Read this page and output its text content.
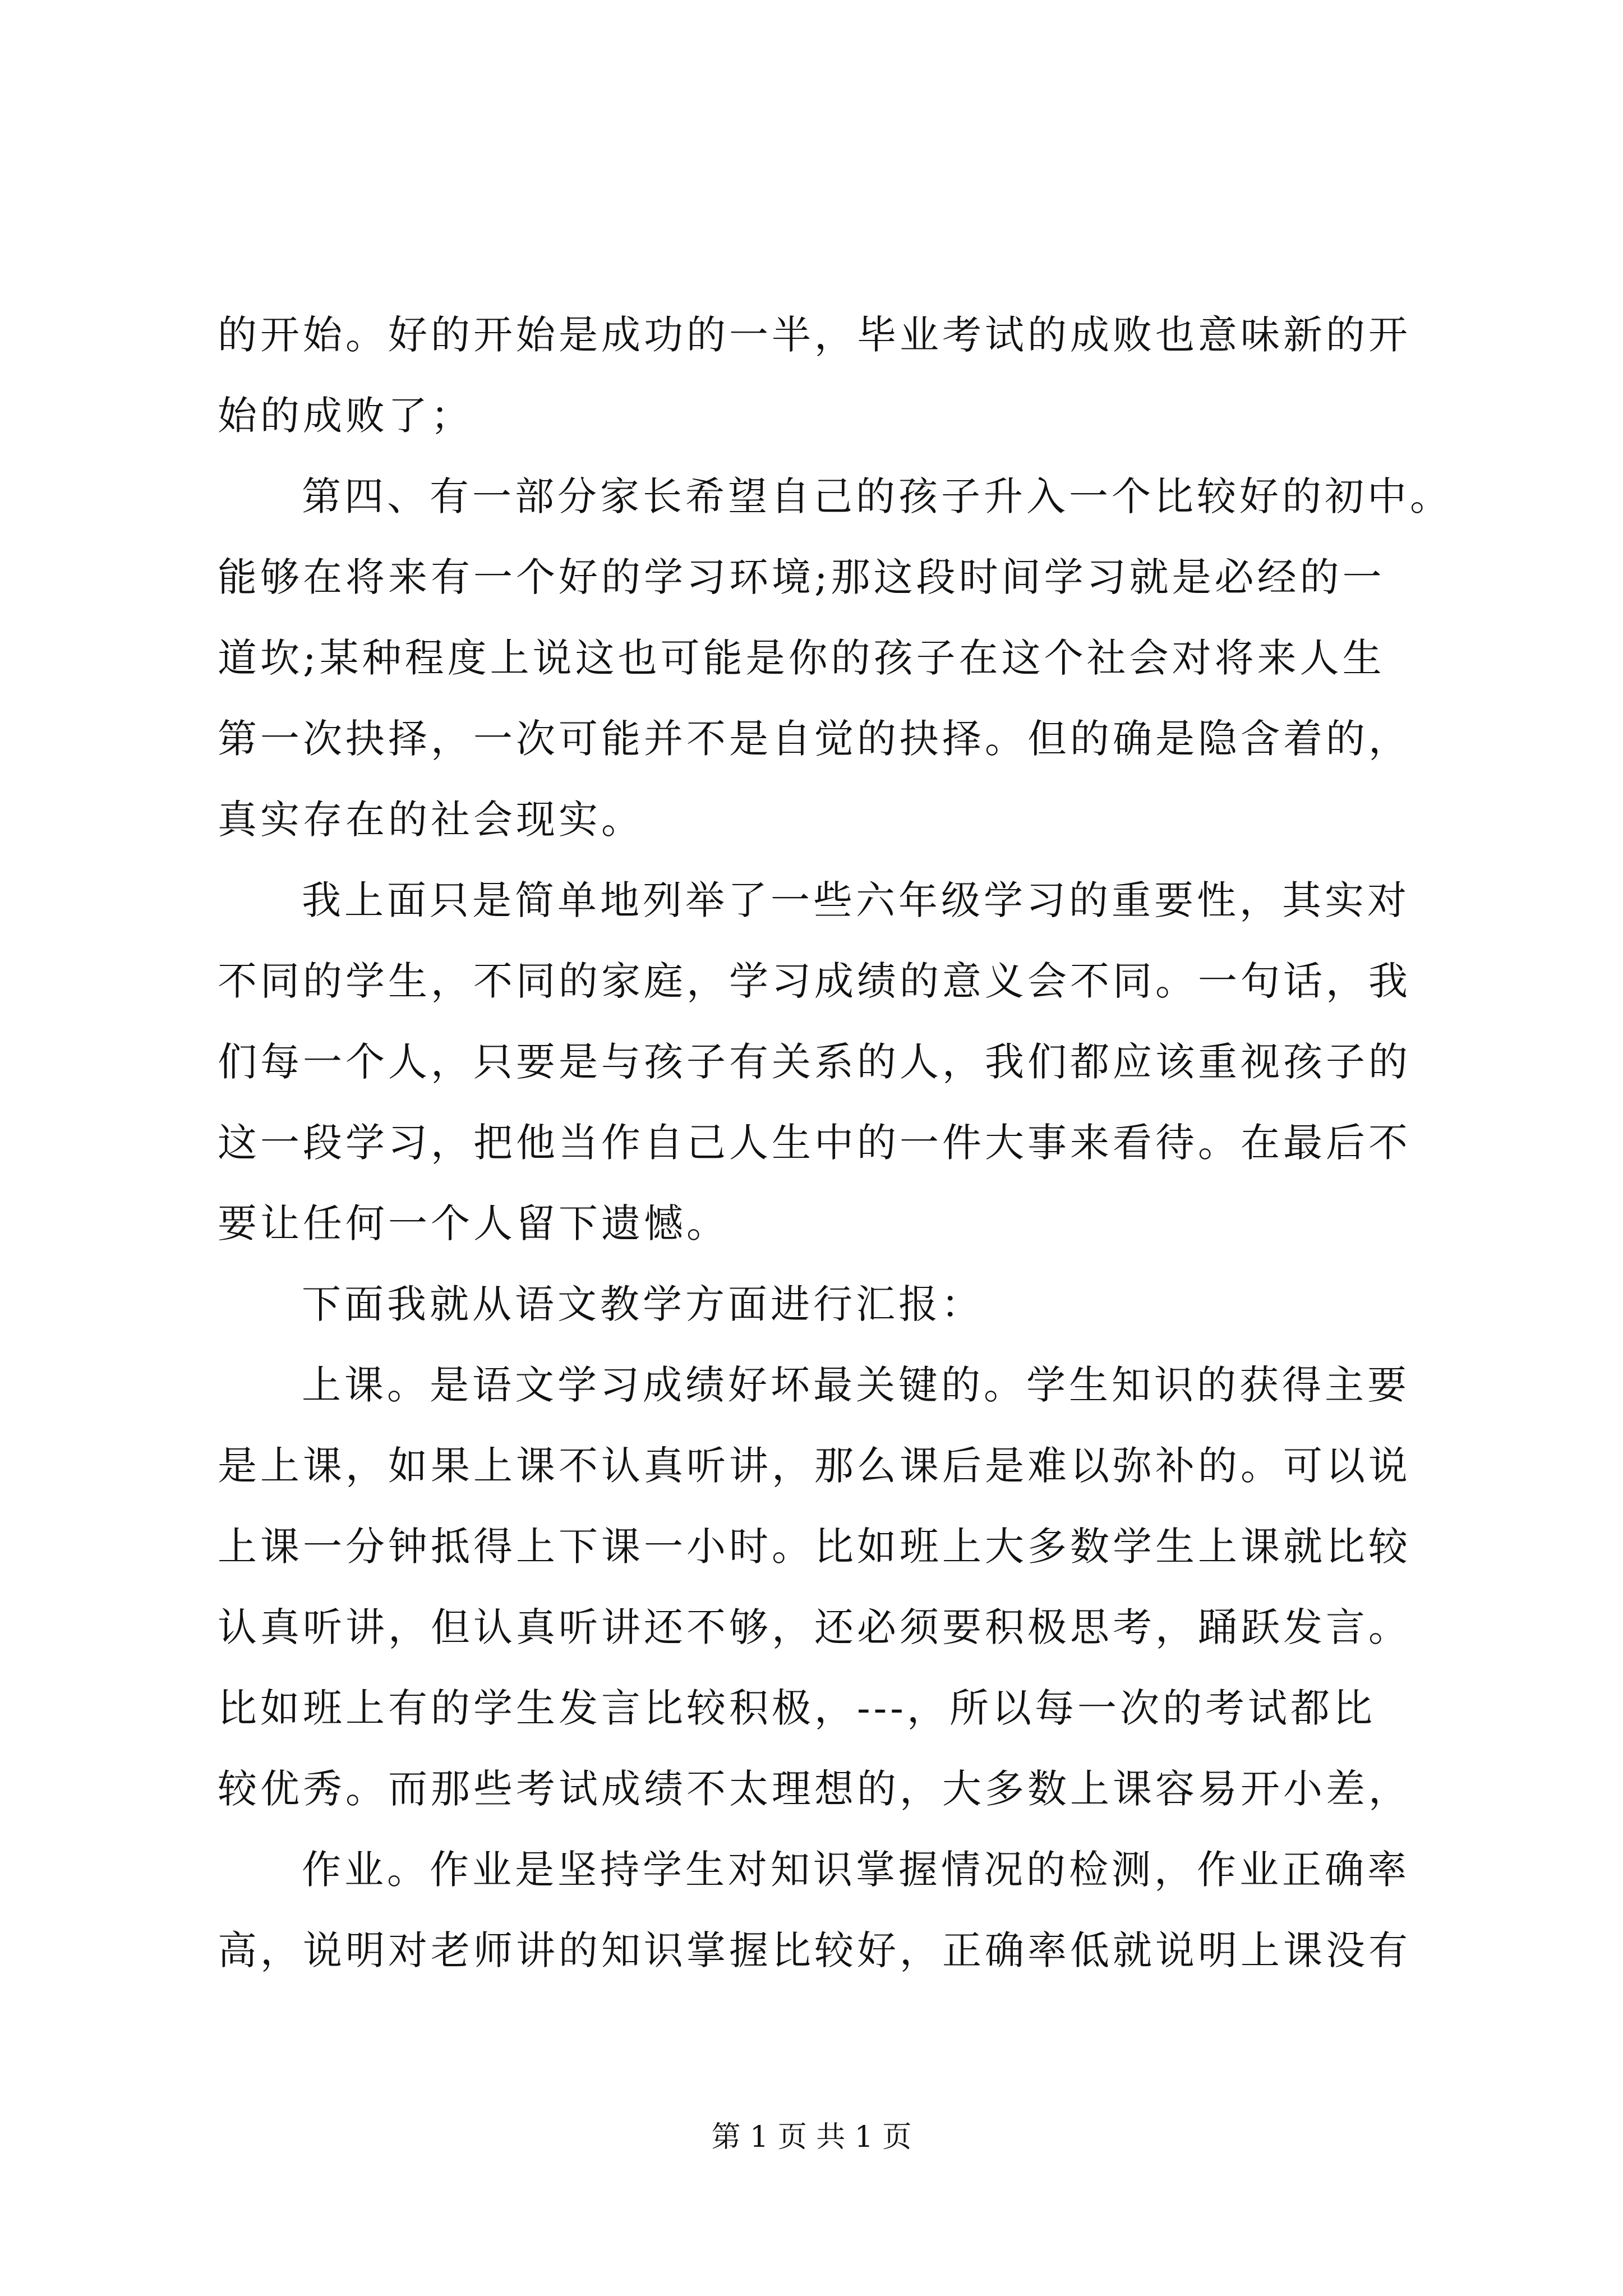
的开始。好的开始是成功的一半，毕业考试的成败也意味新的开
始的成败了；
第四、有一部分家长希望自己的孩子升入一个比较好的初中。
能够在将来有一个好的学习环境;那这段时间学习就是必经的一
道坎;某种程度上说这也可能是你的孩子在这个社会对将来人生
第一次抉择，一次可能并不是自觉的抉择。但的确是隐含着的，
真实存在的社会现实。
我上面只是简单地列举了一些六年级学习的重要性，其实对
不同的学生，不同的家庭，学习成绩的意义会不同。一句话，我
们每一个人，只要是与孩子有关系的人，我们都应该重视孩子的
这一段学习，把他当作自己人生中的一件大事来看待。在最后不
要让任何一个人留下遗憾。
下面我就从语文教学方面进行汇报：
上课。是语文学习成绩好坏最关键的。学生知识的获得主要
是上课，如果上课不认真听讲，那么课后是难以弥补的。可以说
上课一分钟抵得上下课一小时。比如班上大多数学生上课就比较
认真听讲，但认真听讲还不够，还必须要积极思考，踊跃发言。
比如班上有的学生发言比较积极，---，所以每一次的考试都比
较优秀。而那些考试成绩不太理想的，大多数上课容易开小差，
作业。作业是坚持学生对知识掌握情况的检测，作业正确率
高，说明对老师讲的知识掌握比较好，正确率低就说明上课没有
第 1 页 共 1 页
